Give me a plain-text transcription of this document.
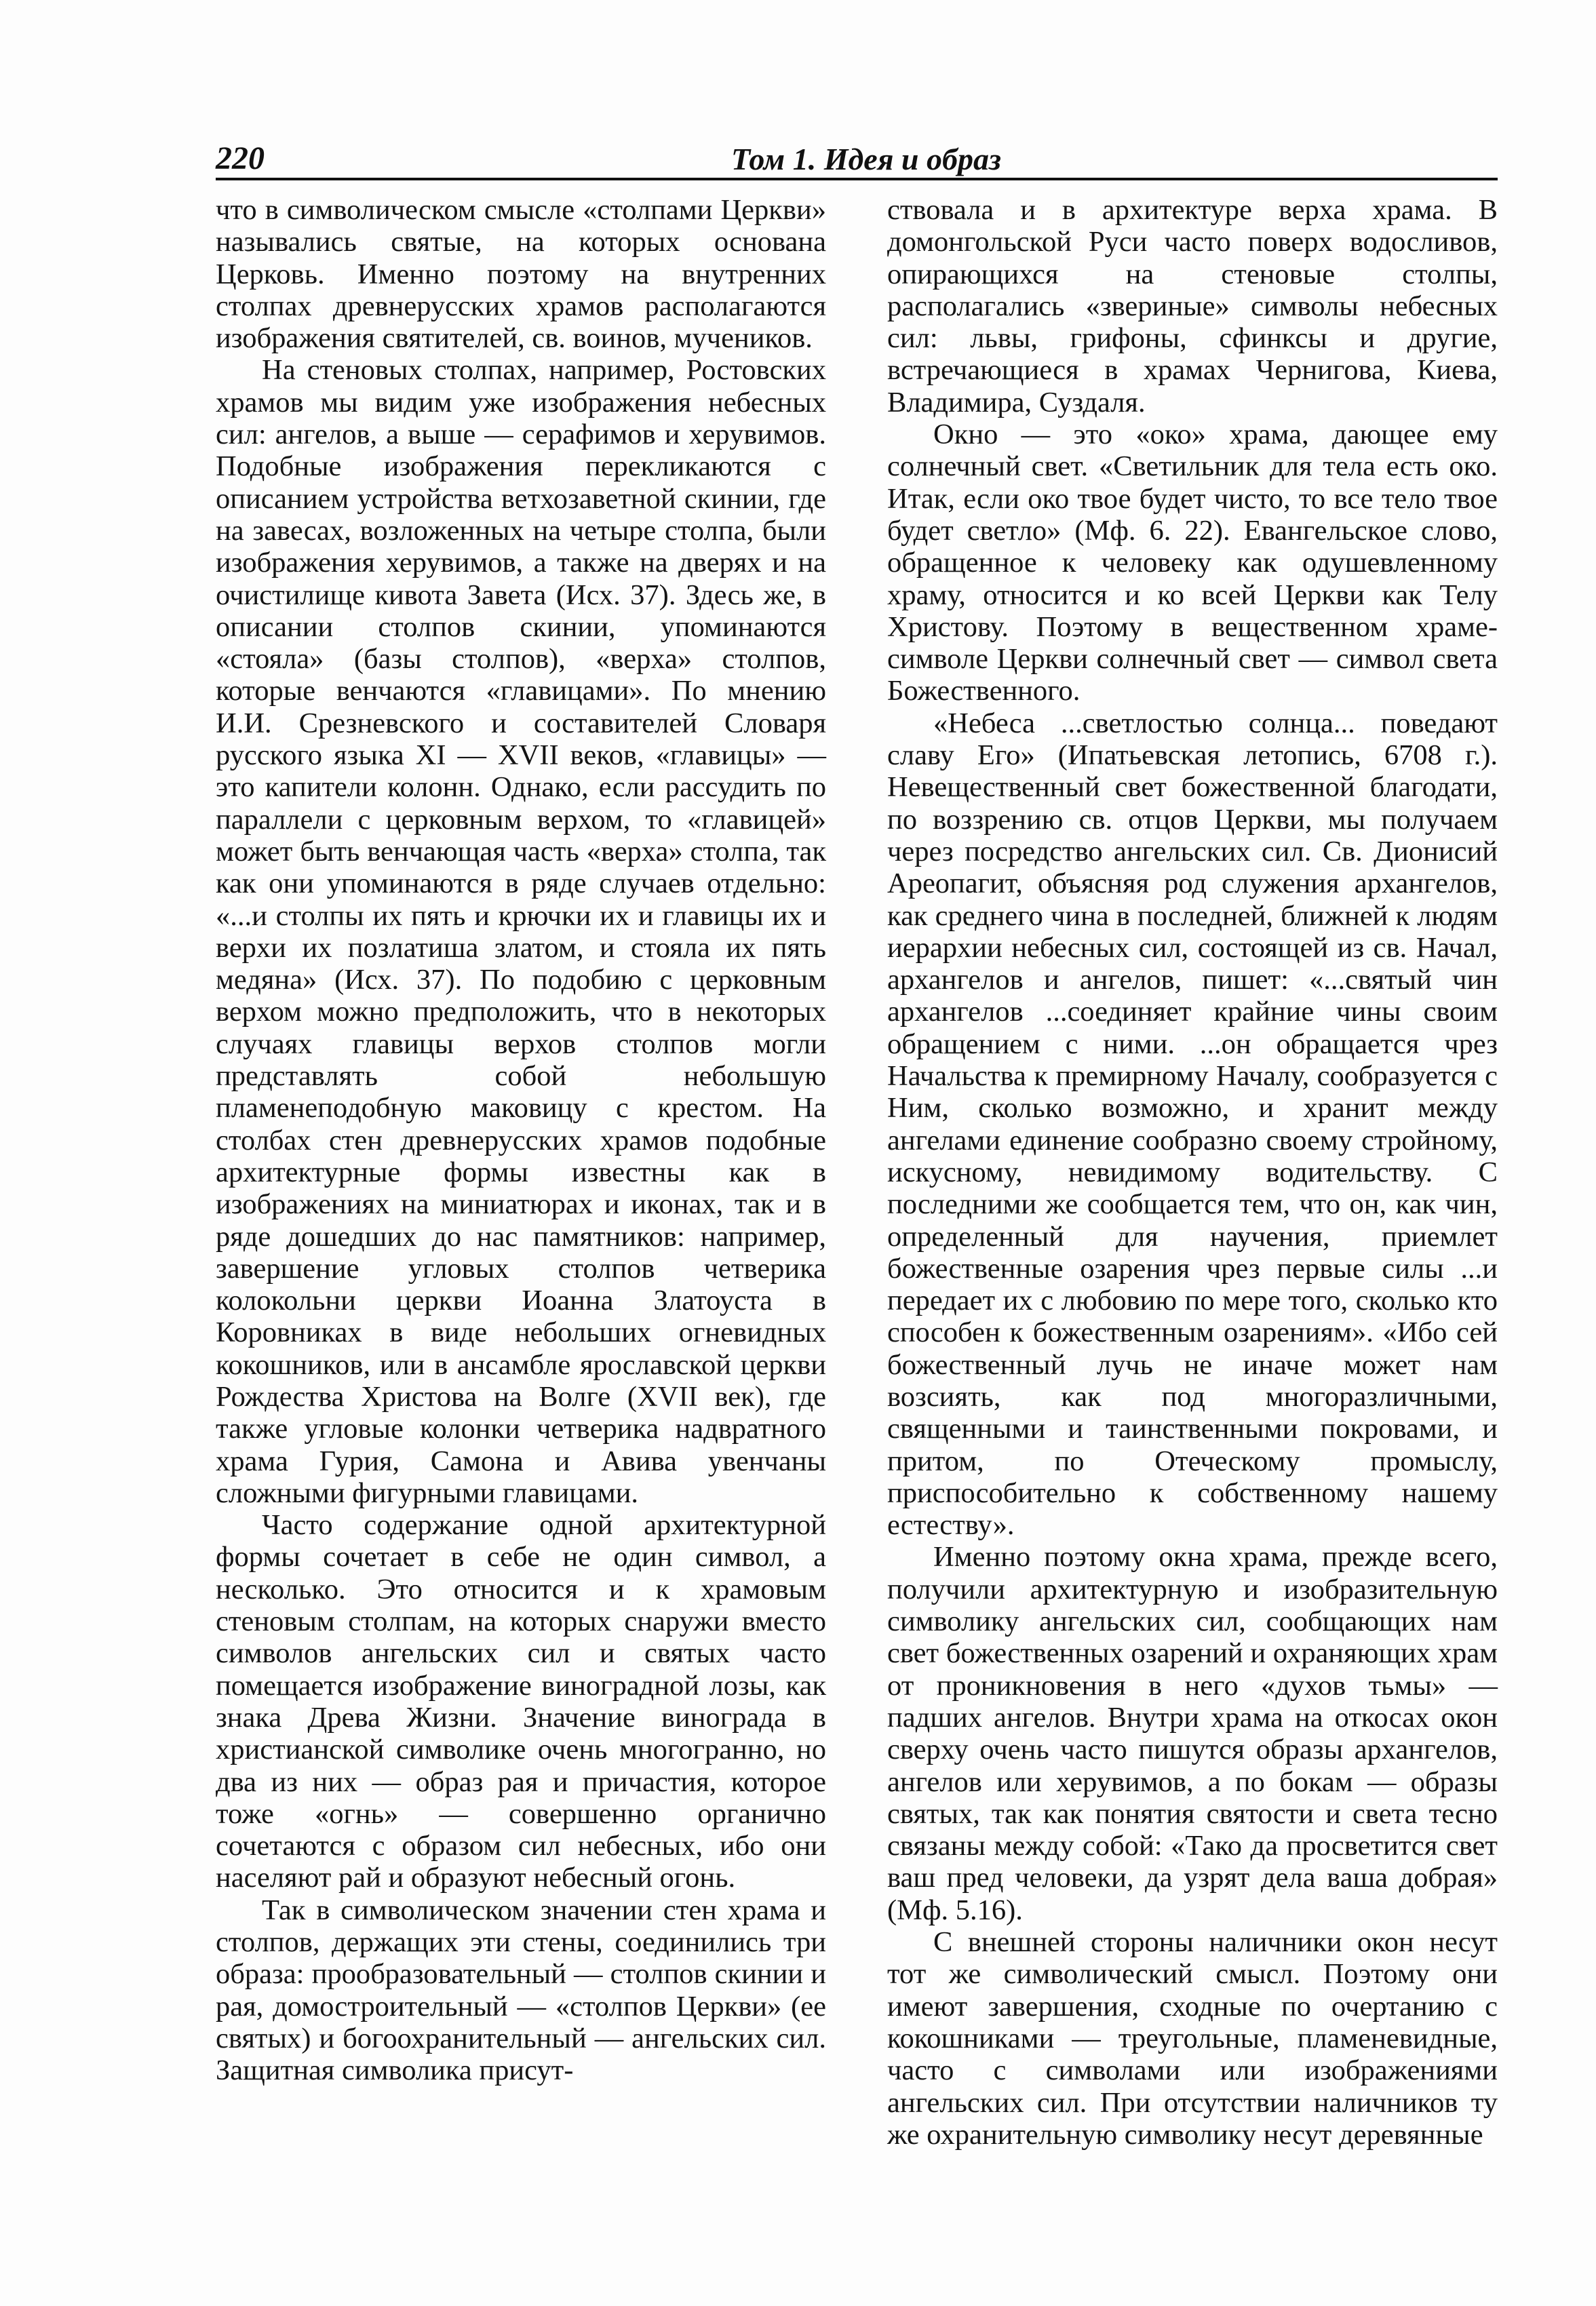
220	Том 1. Идея и образ

что в символическом смысле «столпами Церкви» назывались святые, на которых основана Церковь. Именно поэтому на внутренних столпах древнерусских храмов располагаются изображения святителей, св. воинов, мучеников.

На стеновых столпах, например, Ростовских храмов мы видим уже изображения небесных сил: ангелов, а выше — серафимов и херувимов. Подобные изображения перекликаются с описанием устройства ветхозаветной скинии, где на завесах, возложенных на четыре столпа, были изображения херувимов, а также на дверях и на очистилище кивота Завета (Исх. 37). Здесь же, в описании столпов скинии, упоминаются «стояла» (базы столпов), «верха» столпов, которые венчаются «главицами». По мнению И.И. Срезневского и составителей Словаря русского языка XI — XVII веков, «главицы» — это капители колонн. Однако, если рассудить по параллели с церковным верхом, то «главицей» может быть венчающая часть «верха» столпа, так как они упоминаются в ряде случаев отдельно: «...и столпы их пять и крючки их и главицы их и верхи их позлатиша златом, и стояла их пять медяна» (Исх. 37). По подобию с церковным верхом можно предположить, что в некоторых случаях главицы верхов столпов могли представлять собой небольшую пламенеподобную маковицу с крестом. На столбах стен древнерусских храмов подобные архитектурные формы известны как в изображениях на миниатюрах и иконах, так и в ряде дошедших до нас памятников: например, завершение угловых столпов четверика колокольни церкви Иоанна Златоуста в Коровниках в виде небольших огневидных кокошников, или в ансамбле ярославской церкви Рождества Христова на Волге (XVII век), где также угловые колонки четверика надвратного храма Гурия, Самона и Авива увенчаны сложными фигурными главицами.

Часто содержание одной архитектурной формы сочетает в себе не один символ, а несколько. Это относится и к храмовым стеновым столпам, на которых снаружи вместо символов ангельских сил и святых часто помещается изображение виноградной лозы, как знака Древа Жизни. Значение винограда в христианской символике очень многогранно, но два из них — образ рая и причастия, которое тоже «огнь» — совершенно органично сочетаются с образом сил небесных, ибо они населяют рай и образуют небесный огонь.

Так в символическом значении стен храма и столпов, держащих эти стены, соединились три образа: прообразовательный — столпов скинии и рая, домостроительный — «столпов Церкви» (ее святых) и богоохранительный — ангельских сил. Защитная символика присут-

ствовала и в архитектуре верха храма. В домонгольской Руси часто поверх водосливов, опирающихся на стеновые столпы, располагались «звериные» символы небесных сил: львы, грифоны, сфинксы и другие, встречающиеся в храмах Чернигова, Киева, Владимира, Суздаля.

Окно — это «око» храма, дающее ему солнечный свет. «Светильник для тела есть око. Итак, если око твое будет чисто, то все тело твое будет светло» (Мф. 6. 22). Евангельское слово, обращенное к человеку как одушевленному храму, относится и ко всей Церкви как Телу Христову. Поэтому в вещественном храме-символе Церкви солнечный свет — символ света Божественного.

«Небеса ...светлостью солнца... поведают славу Его» (Ипатьевская летопись, 6708 г.). Невещественный свет божественной благодати, по воззрению св. отцов Церкви, мы получаем через посредство ангельских сил. Св. Дионисий Ареопагит, объясняя род служения архангелов, как среднего чина в последней, ближней к людям иерархии небесных сил, состоящей из св. Начал, архангелов и ангелов, пишет: «...святый чин архангелов ...соединяет крайние чины своим обращением с ними. ...он обращается чрез Начальства к премирному Началу, сообразуется с Ним, сколько возможно, и хранит между ангелами единение сообразно своему стройному, искусному, невидимому водительству. С последними же сообщается тем, что он, как чин, определенный для научения, приемлет божественные озарения чрез первые силы ...и передает их с любовию по мере того, сколько кто способен к божественным озарениям». «Ибо сей божественный лучь не иначе может нам возсиять, как под многоразличными, священными и таинственными покровами, и притом, по Отеческому промыслу, приспособительно к собственному нашему естеству».

Именно поэтому окна храма, прежде всего, получили архитектурную и изобразительную символику ангельских сил, сообщающих нам свет божественных озарений и охраняющих храм от проникновения в него «духов тьмы» — падших ангелов. Внутри храма на откосах окон сверху очень часто пишутся образы архангелов, ангелов или херувимов, а по бокам — образы святых, так как понятия святости и света тесно связаны между собой: «Тако да просветится свет ваш пред человеки, да узрят дела ваша добрая» (Мф. 5.16).

С внешней стороны наличники окон несут тот же символический смысл. Поэтому они имеют завершения, сходные по очертанию с кокошниками — треугольные, пламеневидные, часто с символами или изображениями ангельских сил. При отсутствии наличников ту же охранительную символику несут деревянные
